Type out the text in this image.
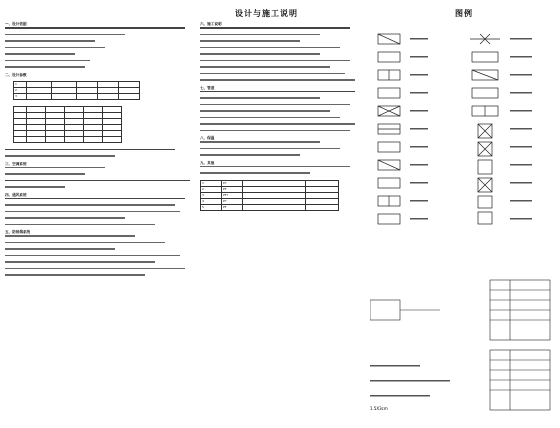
设计与施工说明	图例
一、设计依据
二、设计参数
1					
2					
3					

三、空调系统
四、通风系统
五、防排烟系统
六、施工说明
七、管道
八、保温
九、其他
1	PY		
2	PF		
3	PFY		
4	PY		
5	PF		
1.5X3cm
